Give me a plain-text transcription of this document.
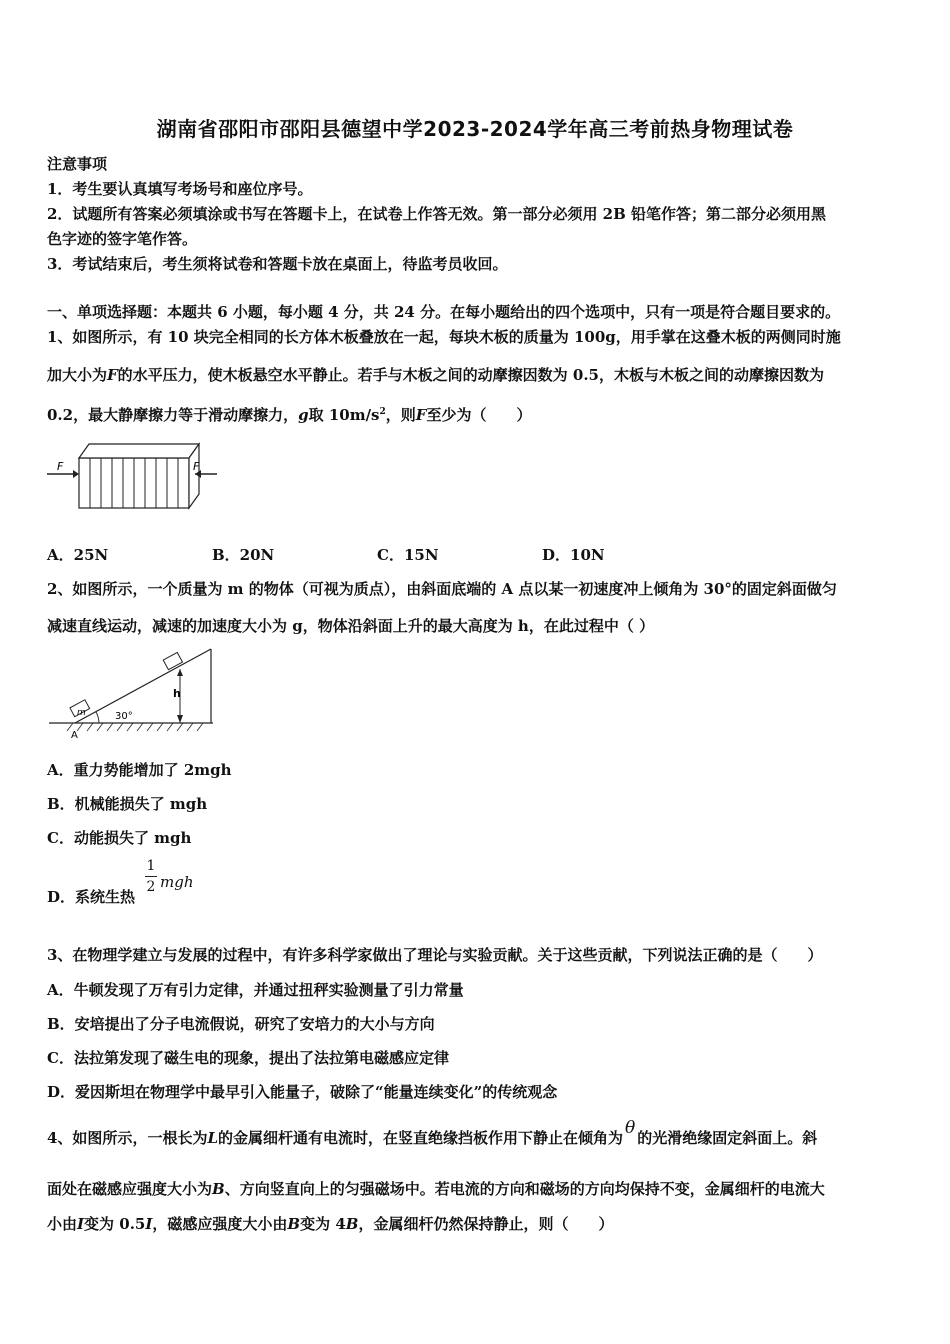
湖南省邵阳市邵阳县德望中学2023-2024学年高三考前热身物理试卷
注意事项
1．考生要认真填写考场号和座位序号。
2．试题所有答案必须填涂或书写在答题卡上，在试卷上作答无效。第一部分必须用 2B 铅笔作答；第二部分必须用黑
色字迹的签字笔作答。
3．考试结束后，考生须将试卷和答题卡放在桌面上，待监考员收回。
一、单项选择题：本题共 6 小题，每小题 4 分，共 24 分。在每小题给出的四个选项中，只有一项是符合题目要求的。
1、如图所示，有 10 块完全相同的长方体木板叠放在一起，每块木板的质量为 100g，用手掌在这叠木板的两侧同时施
加大小为F的水平压力，使木板悬空水平静止。若手与木板之间的动摩擦因数为 0.5，木板与木板之间的动摩擦因数为
0.2，最大静摩擦力等于滑动摩擦力，g取 $10m/s^2$，则F至少为（　　）
F	F
A．25N	B．20N	C．15N	D．10N
2、如图所示，一个质量为 m 的物体（可视为质点），由斜面底端的 A 点以某一初速度冲上倾角为 30°的固定斜面做匀
减速直线运动，减速的加速度大小为 g，物体沿斜面上升的最大高度为 h，在此过程中（ ）
m
h
30°
A
A．重力势能增加了 2mgh
B．机械能损失了 mgh
C．动能损失了 mgh
D．系统生热
1
2 mgh
3、在物理学建立与发展的过程中，有许多科学家做出了理论与实验贡献。关于这些贡献，下列说法正确的是（　　）
A．牛顿发现了万有引力定律，并通过扭秤实验测量了引力常量
B．安培提出了分子电流假说，研究了安培力的大小与方向
C．法拉第发现了磁生电的现象，提出了法拉第电磁感应定律
D．爱因斯坦在物理学中最早引入能量子，破除了“能量连续变化”的传统观念
4、如图所示，一根长为L的金属细杆通有电流时，在竖直绝缘挡板作用下静止在倾角为 θ 的光滑绝缘固定斜面上。斜
面处在磁感应强度大小为B、方向竖直向上的匀强磁场中。若电流的方向和磁场的方向均保持不变，金属细杆的电流大
小由I变为 0.5I，磁感应强度大小由B变为 4B，金属细杆仍然保持静止，则（　　）
